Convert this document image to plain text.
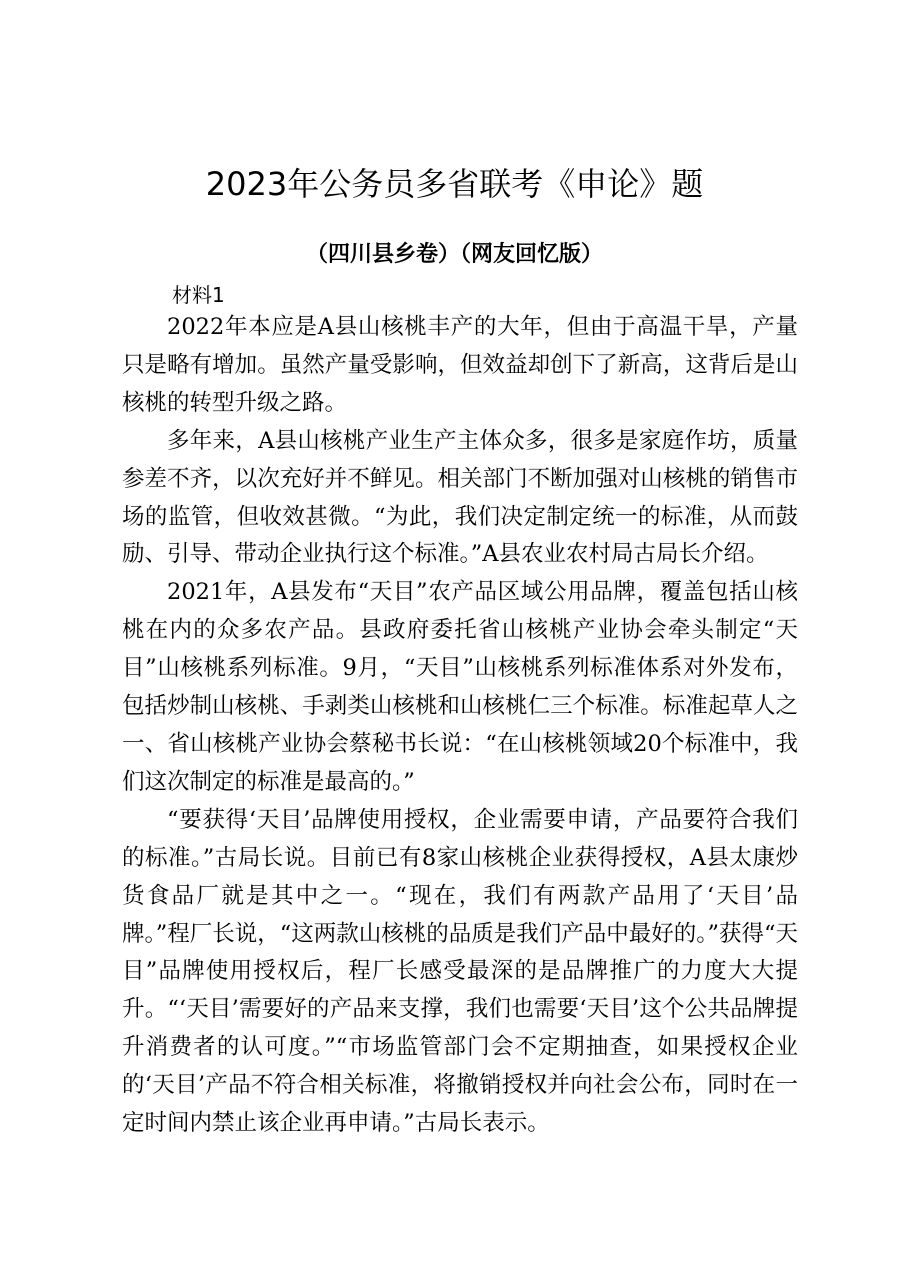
2023年公务员多省联考《申论》题
（四川县乡卷）（网友回忆版）
材料1

2022年本应是A县山核桃丰产的大年，但由于高温干旱，产量只是略有增加。虽然产量受影响，但效益却创下了新高，这背后是山核桃的转型升级之路。

多年来，A县山核桃产业生产主体众多，很多是家庭作坊，质量参差不齐，以次充好并不鲜见。相关部门不断加强对山核桃的销售市场的监管，但收效甚微。“为此，我们决定制定统一的标准，从而鼓励、引导、带动企业执行这个标准。”A县农业农村局古局长介绍。

2021年，A县发布“天目”农产品区域公用品牌，覆盖包括山核桃在内的众多农产品。县政府委托省山核桃产业协会牵头制定“天目”山核桃系列标准。9月，“天目”山核桃系列标准体系对外发布，包括炒制山核桃、手剥类山核桃和山核桃仁三个标准。标准起草人之一、省山核桃产业协会蔡秘书长说：“在山核桃领域20个标准中，我们这次制定的标准是最高的。”

“要获得‘天目’品牌使用授权，企业需要申请，产品要符合我们的标准。”古局长说。目前已有8家山核桃企业获得授权，A县太康炒货食品厂就是其中之一。“现在，我们有两款产品用了‘天目’品牌。”程厂长说，“这两款山核桃的品质是我们产品中最好的。”获得“天目”品牌使用授权后，程厂长感受最深的是品牌推广的力度大大提升。“‘天目’需要好的产品来支撑，我们也需要‘天目’这个公共品牌提升消费者的认可度。”“市场监管部门会不定期抽查，如果授权企业的‘天目’产品不符合相关标准，将撤销授权并向社会公布，同时在一定时间内禁止该企业再申请。”古局长表示。
